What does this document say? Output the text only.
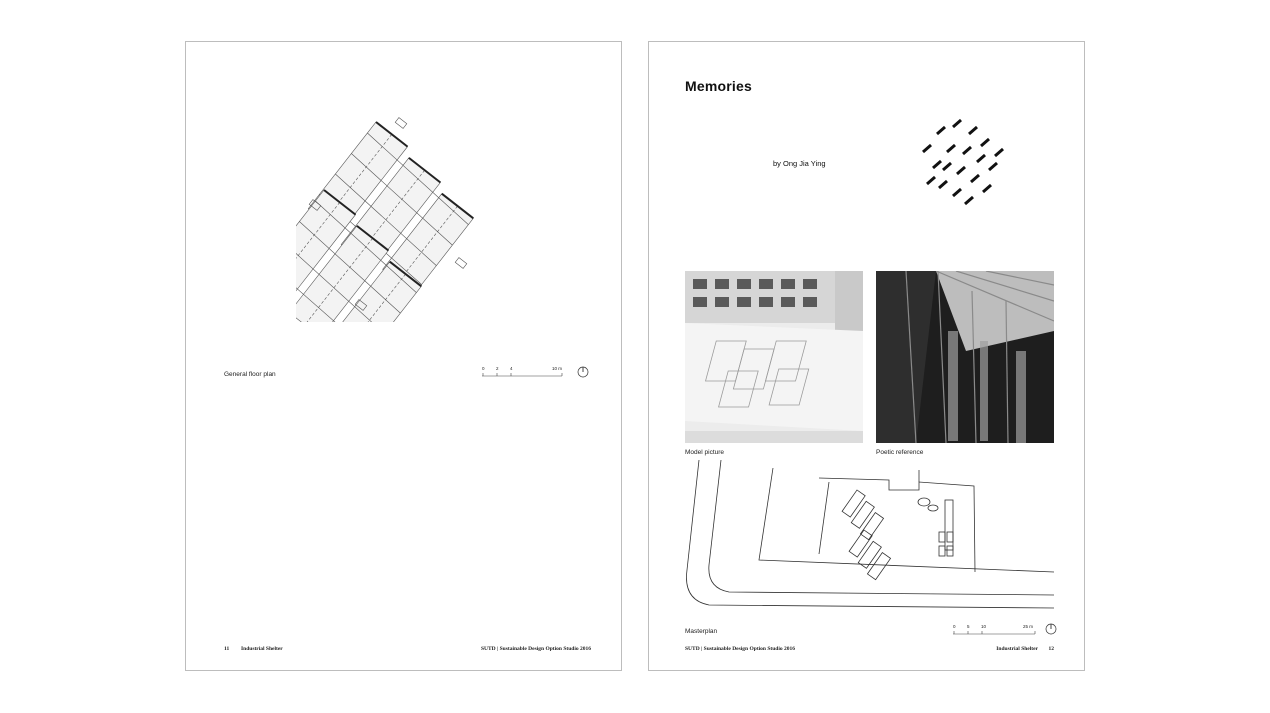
General floor plan
0	2	4	10 m
11 Industrial Shelter	SUTD | Sustainable Design Option Studio 2016
Memories
by Ong Jia Ying
Model picture	Poetic reference
Masterplan
0	5	10	25 m
SUTD | Sustainable Design Option Studio 2016	Industrial Shelter 12
